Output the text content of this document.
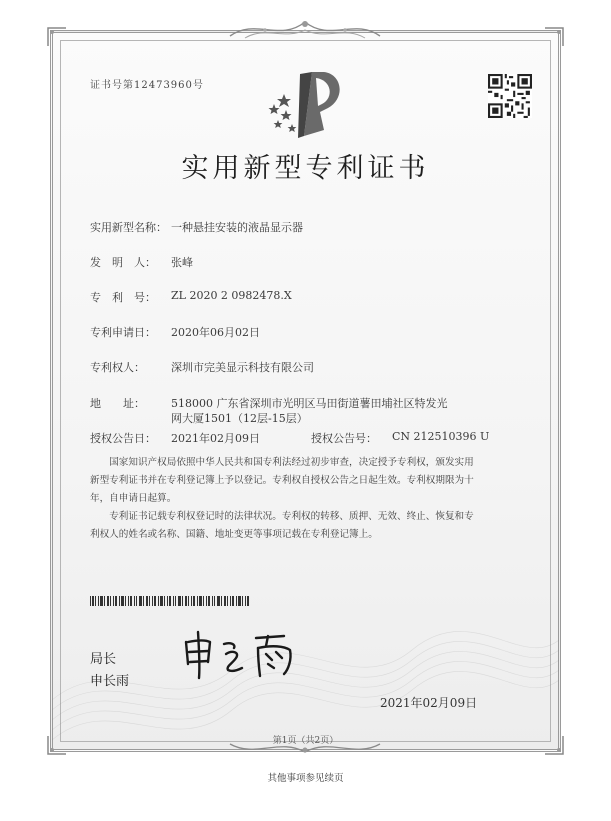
证书号第12473960号
实用新型专利证书
实用新型名称： 一种悬挂安装的液晶显示器
发　明　人： 张峰
专　利　号： ZL 2020 2 0982478.X
专利申请日： 2020年06月02日
专利权人： 深圳市完美显示科技有限公司
地　　址： 518000 广东省深圳市光明区马田街道薯田埔社区特发光
网大厦1501（12层-15层）
授权公告日： 2021年02月09日	授权公告号： CN 212510396 U

国家知识产权局依照中华人民共和国专利法经过初步审查，决定授予专利权，颁发实用

新型专利证书并在专利登记簿上予以登记。专利权自授权公告之日起生效。专利权期限为十
年，自申请日起算。

专利证书记载专利权登记时的法律状况。专利权的转移、质押、无效、终止、恢复和专

利权人的姓名或名称、国籍、地址变更等事项记载在专利登记簿上。
局长
申长雨
2021年02月09日
第1页（共2页）
其他事项参见续页
